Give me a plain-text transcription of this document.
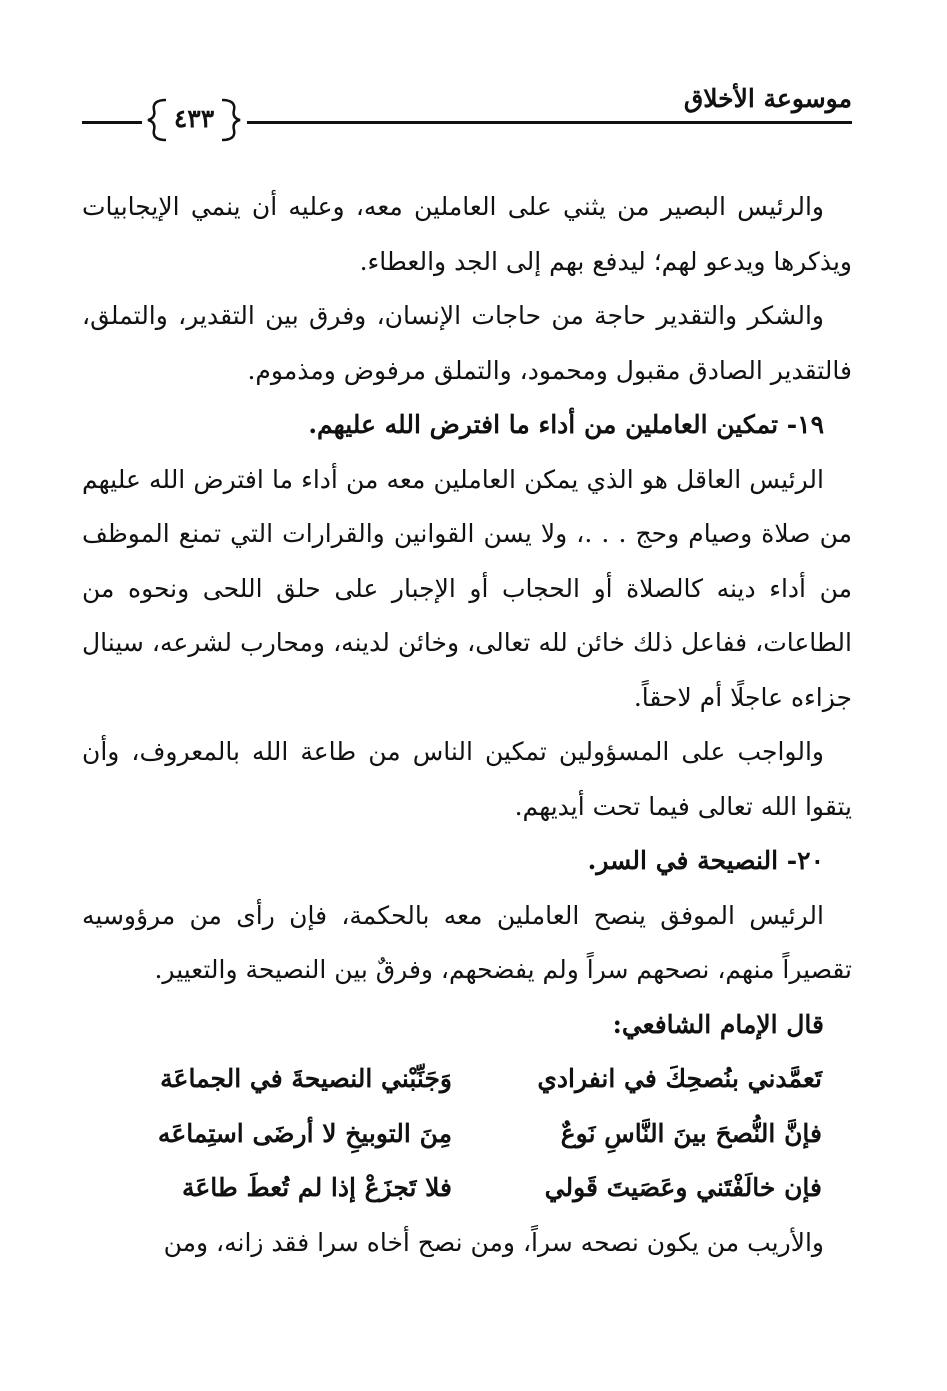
موسوعة الأخلاق
٤٣٣

والرئيس البصير من يثني على العاملين معه، وعليه أن ينمي الإيجابيات ويذكرها ويدعو لهم؛ ليدفع بهم إلى الجد والعطاء.

والشكر والتقدير حاجة من حاجات الإنسان، وفرق بين التقدير، والتملق، فالتقدير الصادق مقبول ومحمود، والتملق مرفوض ومذموم.

١٩- تمكين العاملين من أداء ما افترض الله عليهم.

الرئيس العاقل هو الذي يمكن العاملين معه من أداء ما افترض الله عليهم من صلاة وصيام وحج . . .، ولا يسن القوانين والقرارات التي تمنع الموظف من أداء دينه كالصلاة أو الحجاب أو الإجبار على حلق اللحى ونحوه من الطاعات، ففاعل ذلك خائن لله تعالى، وخائن لدينه، ومحارب لشرعه، سينال جزاءه عاجلًا أم لاحقاً.

والواجب على المسؤولين تمكين الناس من طاعة الله بالمعروف، وأن يتقوا الله تعالى فيما تحت أيديهم.

٢٠- النصيحة في السر.

الرئيس الموفق ينصح العاملين معه بالحكمة، فإن رأى من مرؤوسيه تقصيراً منهم، نصحهم سراً ولم يفضحهم، وفرقٌ بين النصيحة والتعيير.

قال الإمام الشافعي:

تَعمَّدني بنُصحِكَ في انفرادي
وَجَنِّبْني النصيحةَ في الجماعَة
فإنَّ النُّصحَ بينَ النَّاسِ نَوعٌ
مِنَ التوبيخِ لا أرضَى استِماعَه
فإن خالَفْتَني وعَصَيتَ قَولي
فلا تَجزَعْ إذا لم تُعطَ طاعَة

والأريب من يكون نصحه سراً، ومن نصح أخاه سرا فقد زانه، ومن
